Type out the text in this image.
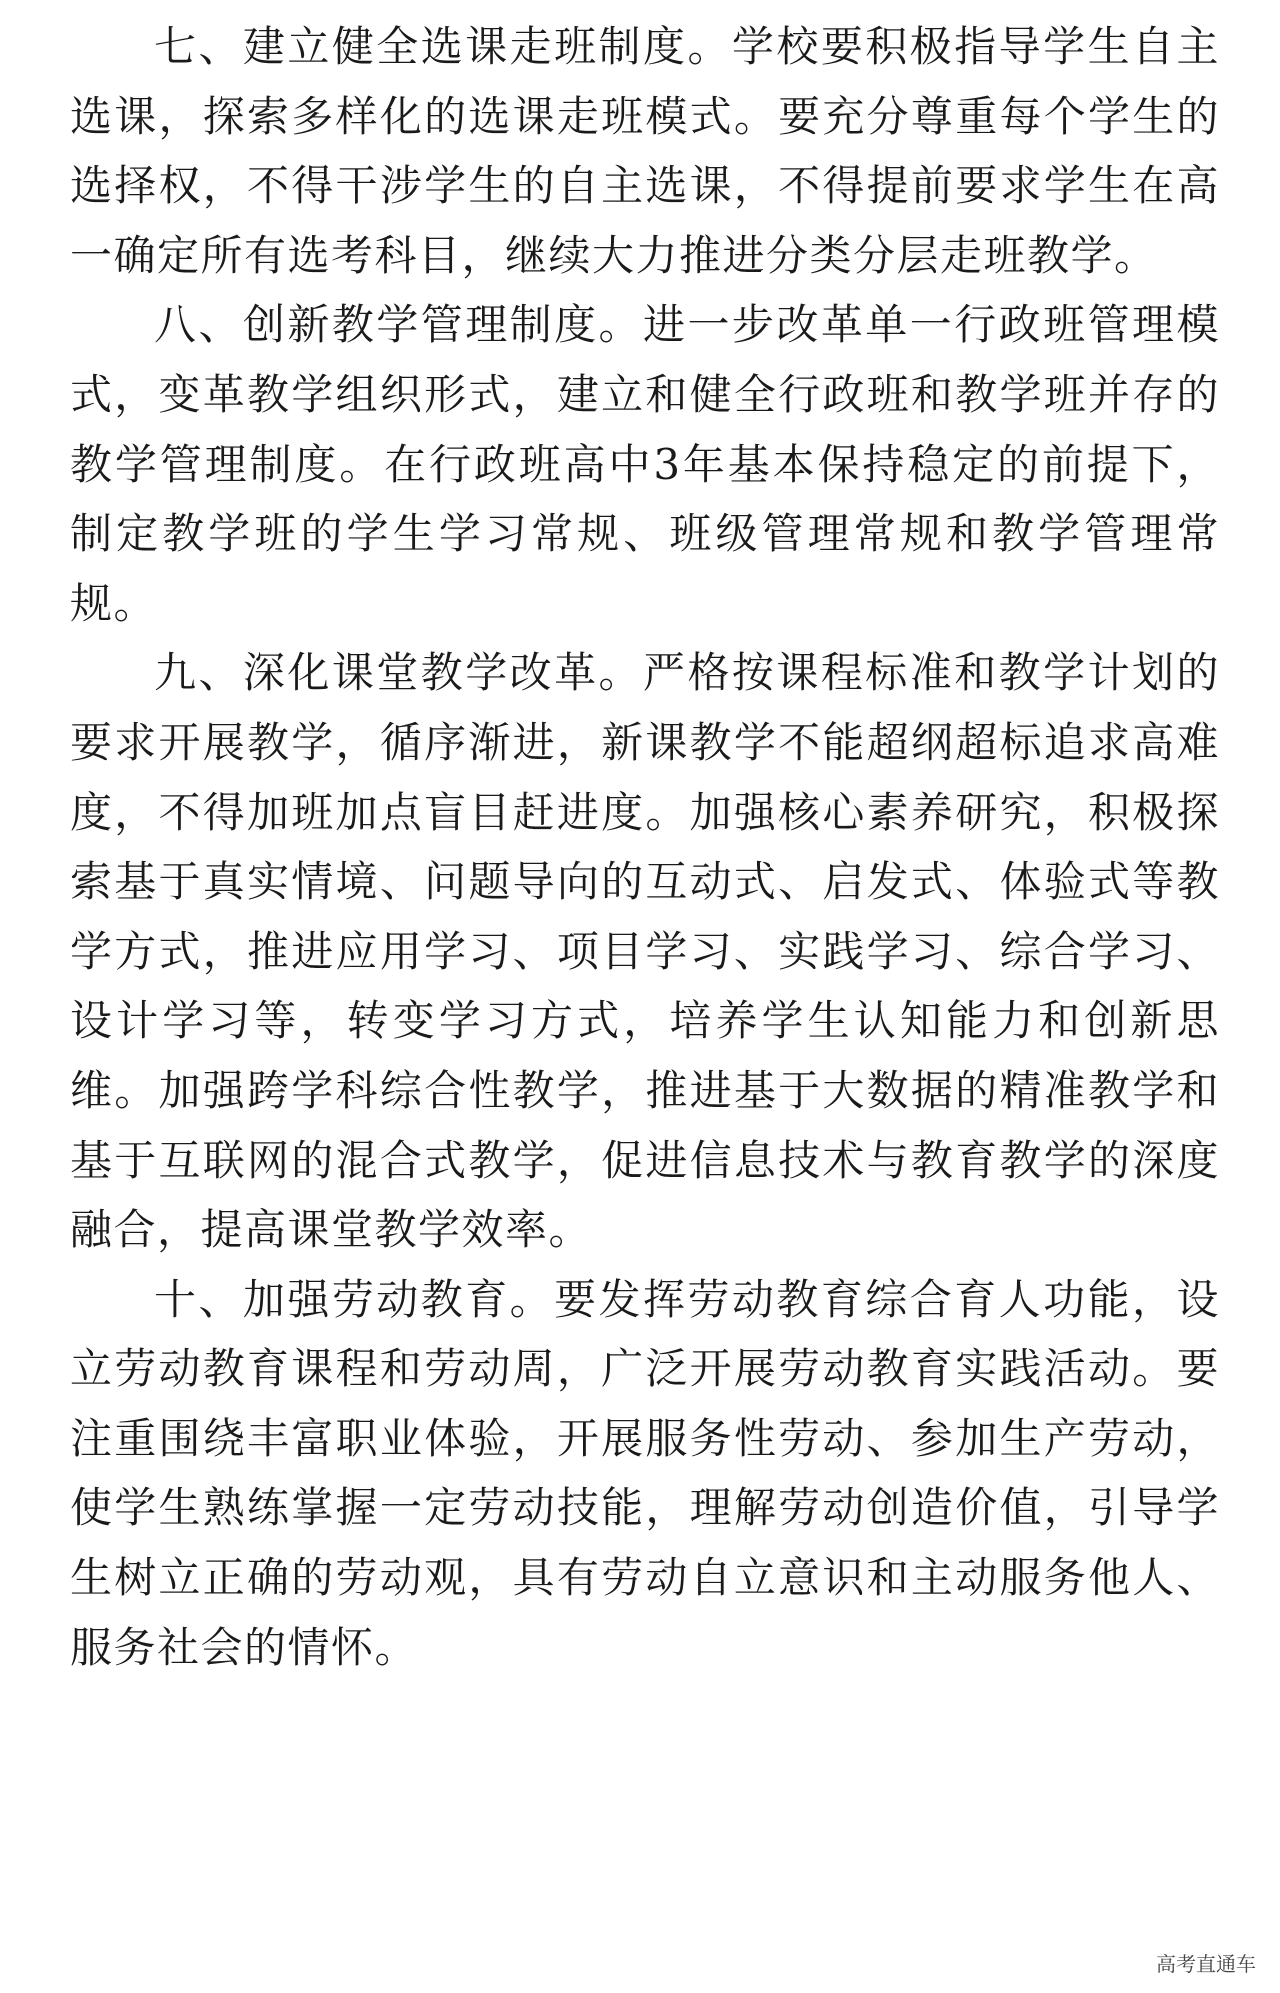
七、建立健全选课走班制度。学校要积极指导学生自主选课，探索多样化的选课走班模式。要充分尊重每个学生的选择权，不得干涉学生的自主选课，不得提前要求学生在高一确定所有选考科目，继续大力推进分类分层走班教学。

八、创新教学管理制度。进一步改革单一行政班管理模式，变革教学组织形式，建立和健全行政班和教学班并存的教学管理制度。在行政班高中3年基本保持稳定的前提下，制定教学班的学生学习常规、班级管理常规和教学管理常规。

九、深化课堂教学改革。严格按课程标准和教学计划的要求开展教学，循序渐进，新课教学不能超纲超标追求高难度，不得加班加点盲目赶进度。加强核心素养研究，积极探索基于真实情境、问题导向的互动式、启发式、体验式等教学方式，推进应用学习、项目学习、实践学习、综合学习、设计学习等，转变学习方式，培养学生认知能力和创新思维。加强跨学科综合性教学，推进基于大数据的精准教学和基于互联网的混合式教学，促进信息技术与教育教学的深度融合，提高课堂教学效率。

十、加强劳动教育。要发挥劳动教育综合育人功能，设立劳动教育课程和劳动周，广泛开展劳动教育实践活动。要注重围绕丰富职业体验，开展服务性劳动、参加生产劳动，使学生熟练掌握一定劳动技能，理解劳动创造价值，引导学生树立正确的劳动观，具有劳动自立意识和主动服务他人、服务社会的情怀。

高考直通车
